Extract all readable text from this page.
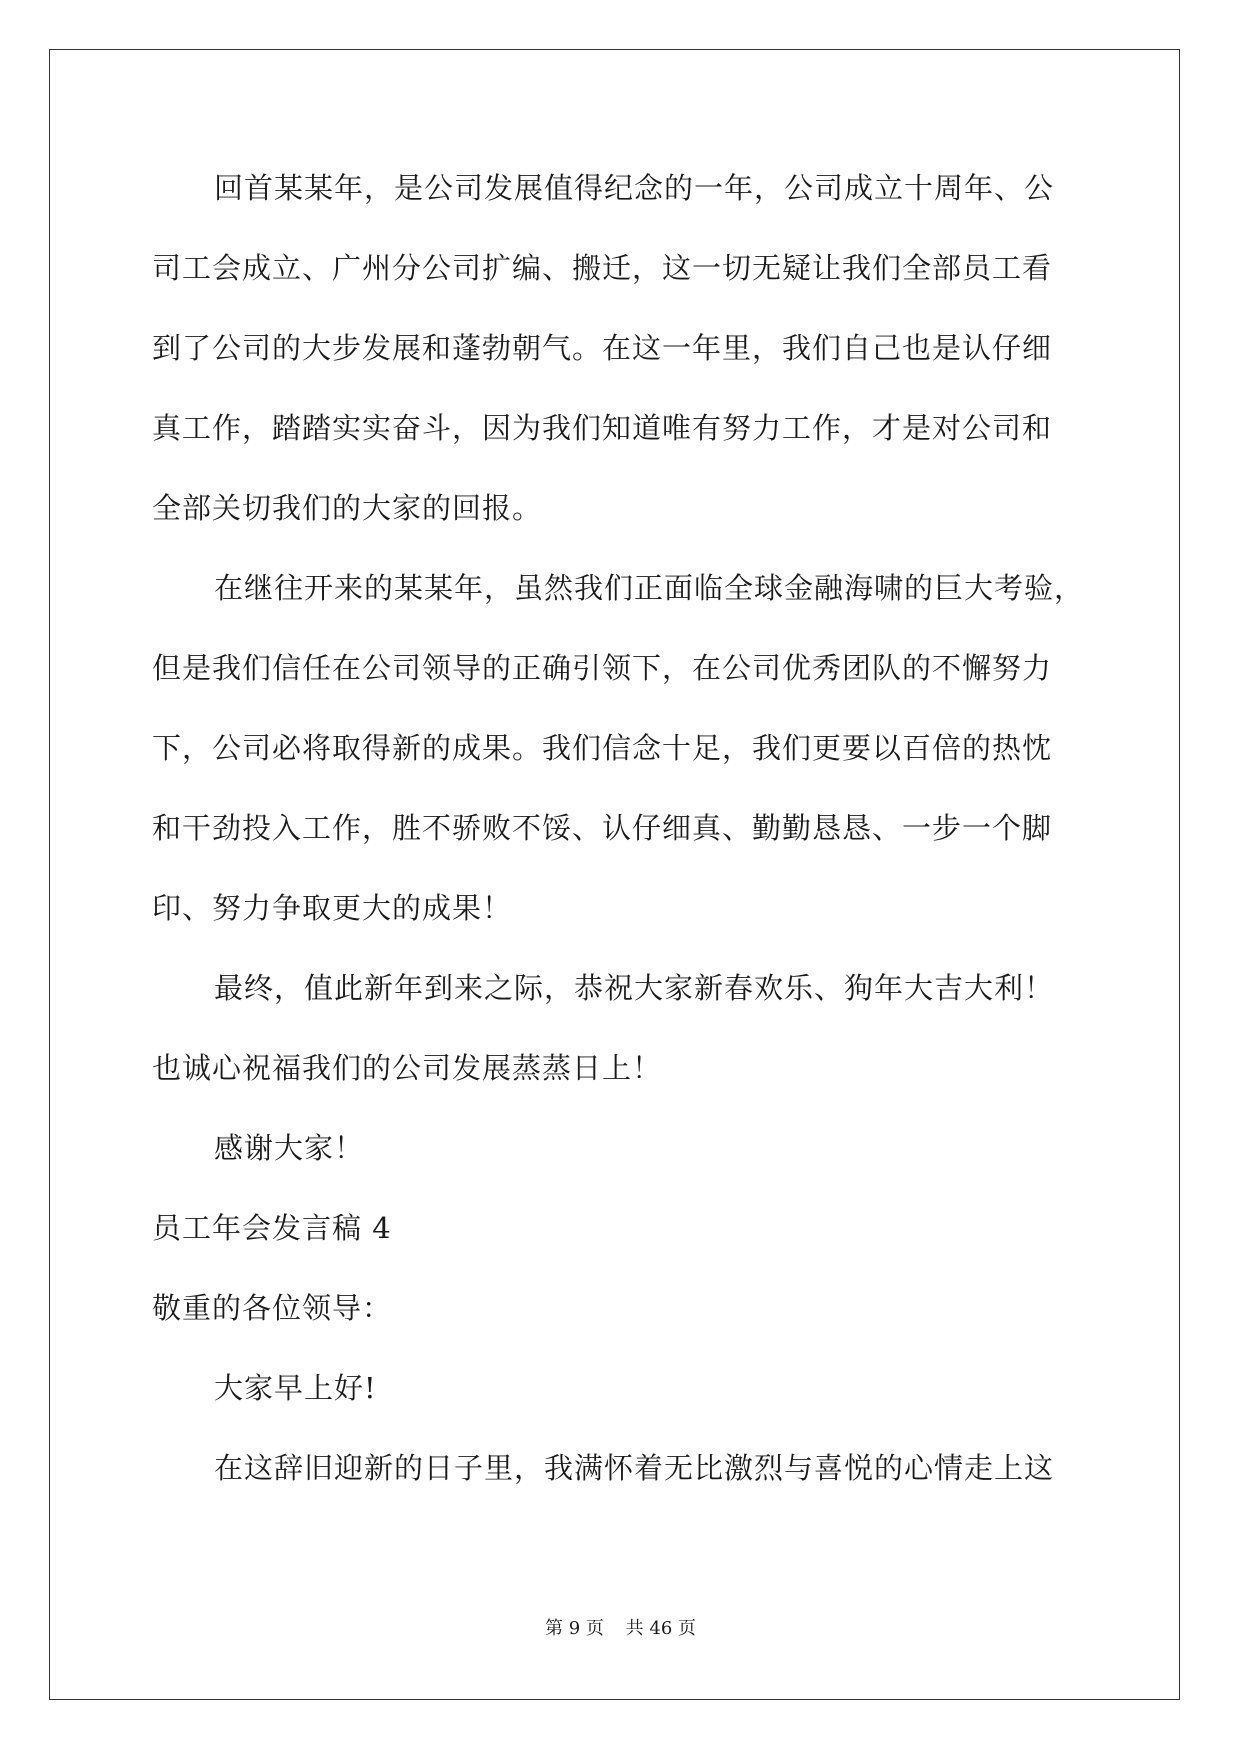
回首某某年，是公司发展值得纪念的一年，公司成立十周年、公
司工会成立、广州分公司扩编、搬迁，这一切无疑让我们全部员工看
到了公司的大步发展和蓬勃朝气。在这一年里，我们自己也是认仔细
真工作，踏踏实实奋斗，因为我们知道唯有努力工作，才是对公司和
全部关切我们的大家的回报。
在继往开来的某某年，虽然我们正面临全球金融海啸的巨大考验，
但是我们信任在公司领导的正确引领下，在公司优秀团队的不懈努力
下，公司必将取得新的成果。我们信念十足，我们更要以百倍的热忱
和干劲投入工作，胜不骄败不馁、认仔细真、勤勤恳恳、一步一个脚
印、努力争取更大的成果！
最终，值此新年到来之际，恭祝大家新春欢乐、狗年大吉大利！
也诚心祝福我们的公司发展蒸蒸日上！
感谢大家！
员工年会发言稿 4
敬重的各位领导：
大家早上好!
在这辞旧迎新的日子里，我满怀着无比激烈与喜悦的心情走上这
第 9 页 共 46 页
